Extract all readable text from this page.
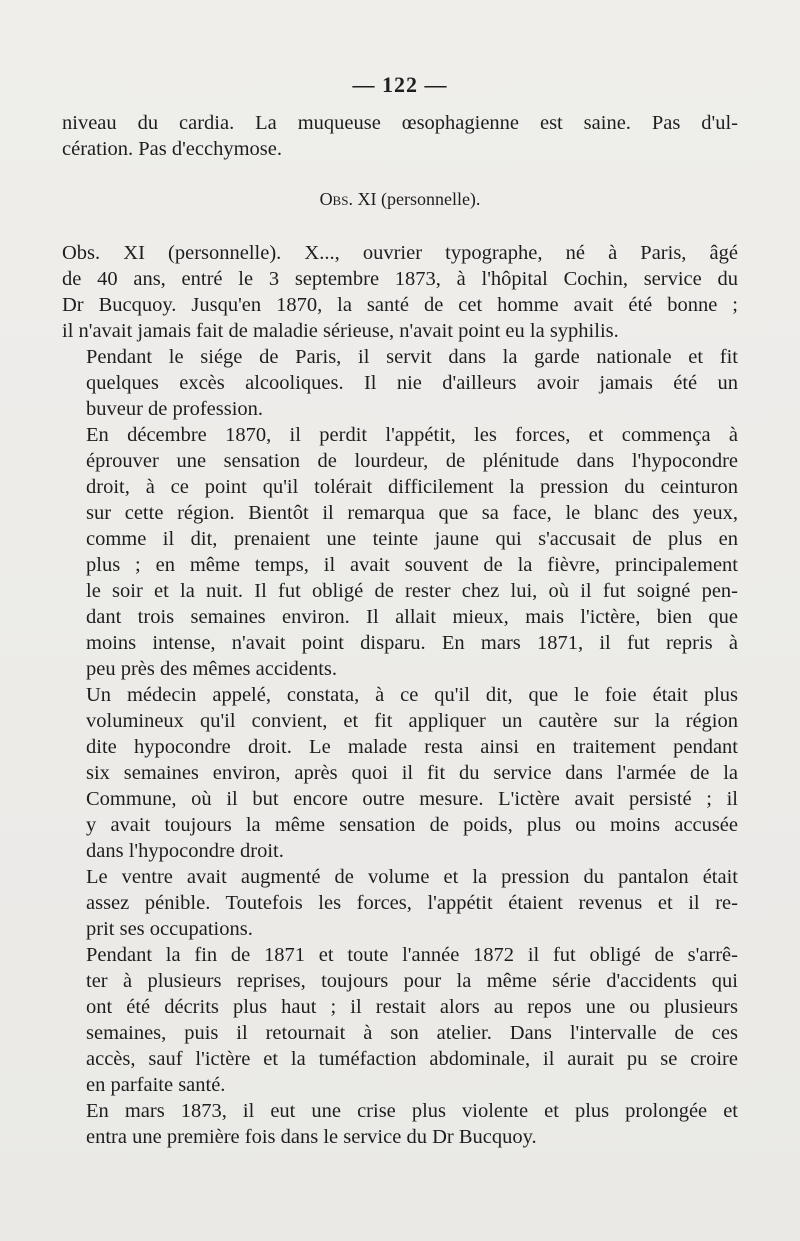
— 122 —
niveau du cardia. La muqueuse œsophagienne est saine. Pas d'ul-
cération. Pas d'ecchymose.
Obs. XI (personnelle).

Obs. XI (personnelle). X..., ouvrier typographe, né à Paris, âgé
de 40 ans, entré le 3 septembre 1873, à l'hôpital Cochin, service du
Dr Bucquoy. Jusqu'en 1870, la santé de cet homme avait été bonne ;
il n'avait jamais fait de maladie sérieuse, n'avait point eu la syphilis.

Pendant le siége de Paris, il servit dans la garde nationale et fit
quelques excès alcooliques. Il nie d'ailleurs avoir jamais été un
buveur de profession.

En décembre 1870, il perdit l'appétit, les forces, et commença à
éprouver une sensation de lourdeur, de plénitude dans l'hypocondre
droit, à ce point qu'il tolérait difficilement la pression du ceinturon
sur cette région. Bientôt il remarqua que sa face, le blanc des yeux,
comme il dit, prenaient une teinte jaune qui s'accusait de plus en
plus ; en même temps, il avait souvent de la fièvre, principalement
le soir et la nuit. Il fut obligé de rester chez lui, où il fut soigné pen-
dant trois semaines environ. Il allait mieux, mais l'ictère, bien que
moins intense, n'avait point disparu. En mars 1871, il fut repris à
peu près des mêmes accidents.

Un médecin appelé, constata, à ce qu'il dit, que le foie était plus
volumineux qu'il convient, et fit appliquer un cautère sur la région
dite hypocondre droit. Le malade resta ainsi en traitement pendant
six semaines environ, après quoi il fit du service dans l'armée de la
Commune, où il but encore outre mesure. L'ictère avait persisté ; il
y avait toujours la même sensation de poids, plus ou moins accusée
dans l'hypocondre droit.

Le ventre avait augmenté de volume et la pression du pantalon était
assez pénible. Toutefois les forces, l'appétit étaient revenus et il re-
prit ses occupations.

Pendant la fin de 1871 et toute l'année 1872 il fut obligé de s'arrê-
ter à plusieurs reprises, toujours pour la même série d'accidents qui
ont été décrits plus haut ; il restait alors au repos une ou plusieurs
semaines, puis il retournait à son atelier. Dans l'intervalle de ces
accès, sauf l'ictère et la tuméfaction abdominale, il aurait pu se croire
en parfaite santé.

En mars 1873, il eut une crise plus violente et plus prolongée et
entra une première fois dans le service du Dr Bucquoy.
